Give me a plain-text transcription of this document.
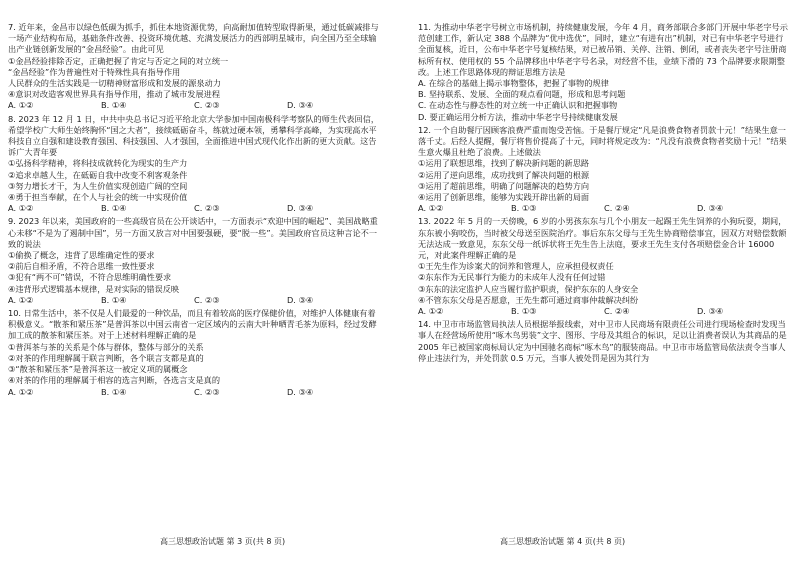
7. 近年来，金昌市以绿色低碳为抓手，抓住本地资源优势，向高耐加值转型取得新果，通过低碳减排与一场产业结构布局，基础条件改善、投资环境优越、充满发展活力的西部明星城市，向全国乃至全球输出产业链创新发展的“金昌经验”。由此可见
①金昌经验排除否定，正确把握了肯定与否定之间的对立统一
“金昌经验”作为普遍性对于特殊性具有指导作用
人民群众的生活实践是一切精神财富形成和发展的源泉动力
④意识对改造客观世界具有指导作用，推动了城市发展进程
A. ①②	B. ①④	C. ②③	D. ③④
8. 2023 年 12 月 1 日，中共中央总书记习近平给北京大学参加中国南极科学考察队的师生代表回信，希望学校广大师生始终胸怀“国之大者”，接续砥砺奋斗，练就过硬本领，勇攀科学高峰，为实现高水平科技自立自强和建设教育强国、科技强国、人才强国，全面推进中国式现代化作出新的更大贡献。这告诉广大青年要
①弘扬科学精神，将科技成就转化为现实的生产力
②追求卓越人生，在砥砺自我中改变不利客观条件
③努力增长才干，为人生价值实现创造广阔的空间
④勇于担当奉献，在个人与社会的统一中实现价值
A. ①②	B. ①④	C. ②③	D. ③④
9. 2023 年以来，美国政府的一些高级官员在公开谈话中，一方面表示“欢迎中国的崛起”、美国战略重心未移“不是为了遏制中国”，另一方面又放言对中国要强硬，要“脱一些”。美国政府官员这种言论不一致的说法
①偷换了概念，违背了思维确定性的要求
②前后自相矛盾，不符合思维一致性要求
③犯有“两不可”错误，不符合思维明确性要求
④违背形式逻辑基本规律，是对实际的错误反映
A. ①②	B. ①④	C. ②③	D. ③④
10. 日常生活中，茶不仅是人们最爱的一种饮品，而且有着较高的医疗保健价值，对维护人体健康有着积极意义。“散茶和紧压茶”是普洱茶以中国云南省一定区域内的云南大叶种晒青毛茶为原料，经过发酵加工成的散茶和紧压茶。对于上述材料理解正确的是
①普洱茶与茶的关系是个体与群体，整体与部分的关系
②对茶的作用理解属于联言判断，各个联言支都是真的
③“散茶和紧压茶”是普洱茶这一被定义项的属概念
④对茶的作用的理解属于相容的选言判断，各选言支是真的
A. ①②	B. ①④	C. ②③	D. ③④
11. 为推动中华老字号树立市场机制，持续健康发展，今年 4 月，商务部联合多部门开展中华老字号示范创建工作，新认定 388 个品牌为“优中选优”，同时，建立“有进有出”机制，对已有中华老字号进行全面复核，近日，公布中华老字号复核结果，对已被吊销、关停、注销、倒闭，或者丧失老字号注册商标所有权、使用权的 55 个品牌移出中华老字号名录，对经营不佳，业绩下滑的 73 个品牌要求限期整改。上述工作思路体现的辩证思维方法是
A. 在综合的基础上揭示事物整体，把握了事物的规律
B. 坚持联系、发展、全面的观点看问题，形成和思考问题
C. 在动态性与静态性的对立统一中正确认识和把握事物
D. 要正确运用分析方法，推动中华老字号持续健康发展
12. 一个自助餐厅因顾客浪费严重而饱受苦恼。于是餐厅规定“凡是浪费食物者罚款十元！”结果生意一落千丈。后经人提醒，餐厅将售价提高了十元，同时将规定改为：“凡没有浪费食物者奖励十元！”结果生意火爆且杜绝了浪费。上述做法
①运用了联想思维，找到了解决新问题的新思路
②运用了逆向思维，成功找到了解决问题的根源
③运用了超前思维，明确了问题解决的趋势方向
④运用了创新思维，能够为实践开辟出新的局面
A. ①②	B. ①③	C. ②④	D. ③④
13. 2022 年 5 月的一天傍晚，6 岁的小男孩东东与几个小朋友一起踢王先生饲养的小狗玩耍，期间，东东被小狗咬伤，当时被父母送至医院治疗。事后东东父母与王先生协商赔偿事宜，因双方对赔偿数额无法达成一致意见，东东父母一纸诉状将王先生告上法庭，要求王先生支付各项赔偿金合计 16000 元，对此案件理解正确的是
①王先生作为诊案犬的饲养和管理人，应承担侵权责任
②东东作为无民事行为能力的未成年人没有任何过错
③东东的法定监护人应当履行监护职责，保护东东的人身安全
④不管东东父母是否愿意，王先生都可通过商事仲裁解决纠纷
A. ①②	B. ①③	C. ②④	D. ③④
14. 中卫市市场监管局执法人员根据举报线索，对中卫市人民商场有限责任公司进行现场检查时发现当事人在经营场所使用“啄木鸟男装”文字、图形、字母及其组合的标识，足以让消费者误认为其商品的是 2005 年已被国家商标局认定为中国驰名商标“啄木鸟”的服装商品。中卫市市场监管局依法责令当事人停止违法行为，并处罚款 0.5 万元，当事人被处罚是因为其行为
高三思想政治试题 第 3 页(共 8 页)	高三思想政治试题 第 4 页(共 8 页)
